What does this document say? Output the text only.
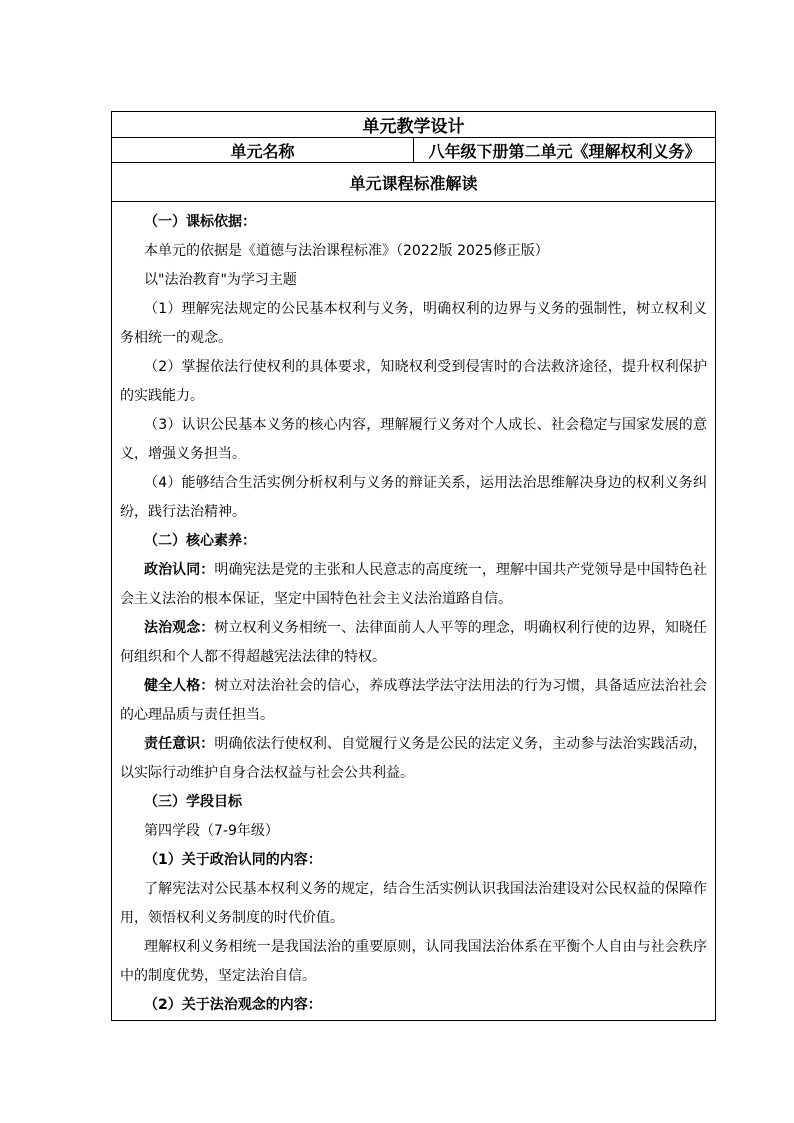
单元教学设计
单元名称	八年级下册第二单元《理解权利义务》
单元课程标准解读

（一）课标依据：

本单元的依据是《道德与法治课程标准》（2022版 2025修正版）

以"法治教育"为学习主题

（1）理解宪法规定的公民基本权利与义务，明确权利的边界与义务的强制性，树立权利义务相统一的观念。

（2）掌握依法行使权利的具体要求，知晓权利受到侵害时的合法救济途径，提升权利保护的实践能力。

（3）认识公民基本义务的核心内容，理解履行义务对个人成长、社会稳定与国家发展的意义，增强义务担当。

（4）能够结合生活实例分析权利与义务的辩证关系，运用法治思维解决身边的权利义务纠纷，践行法治精神。

（二）核心素养：

政治认同：明确宪法是党的主张和人民意志的高度统一，理解中国共产党领导是中国特色社会主义法治的根本保证，坚定中国特色社会主义法治道路自信。

法治观念：树立权利义务相统一、法律面前人人平等的理念，明确权利行使的边界，知晓任何组织和个人都不得超越宪法法律的特权。

健全人格：树立对法治社会的信心，养成尊法学法守法用法的行为习惯，具备适应法治社会的心理品质与责任担当。

责任意识：明确依法行使权利、自觉履行义务是公民的法定义务，主动参与法治实践活动，以实际行动维护自身合法权益与社会公共利益。

（三）学段目标

第四学段（7-9年级）

（1）关于政治认同的内容：

了解宪法对公民基本权利义务的规定，结合生活实例认识我国法治建设对公民权益的保障作用，领悟权利义务制度的时代价值。

理解权利义务相统一是我国法治的重要原则，认同我国法治体系在平衡个人自由与社会秩序中的制度优势，坚定法治自信。

（2）关于法治观念的内容：
